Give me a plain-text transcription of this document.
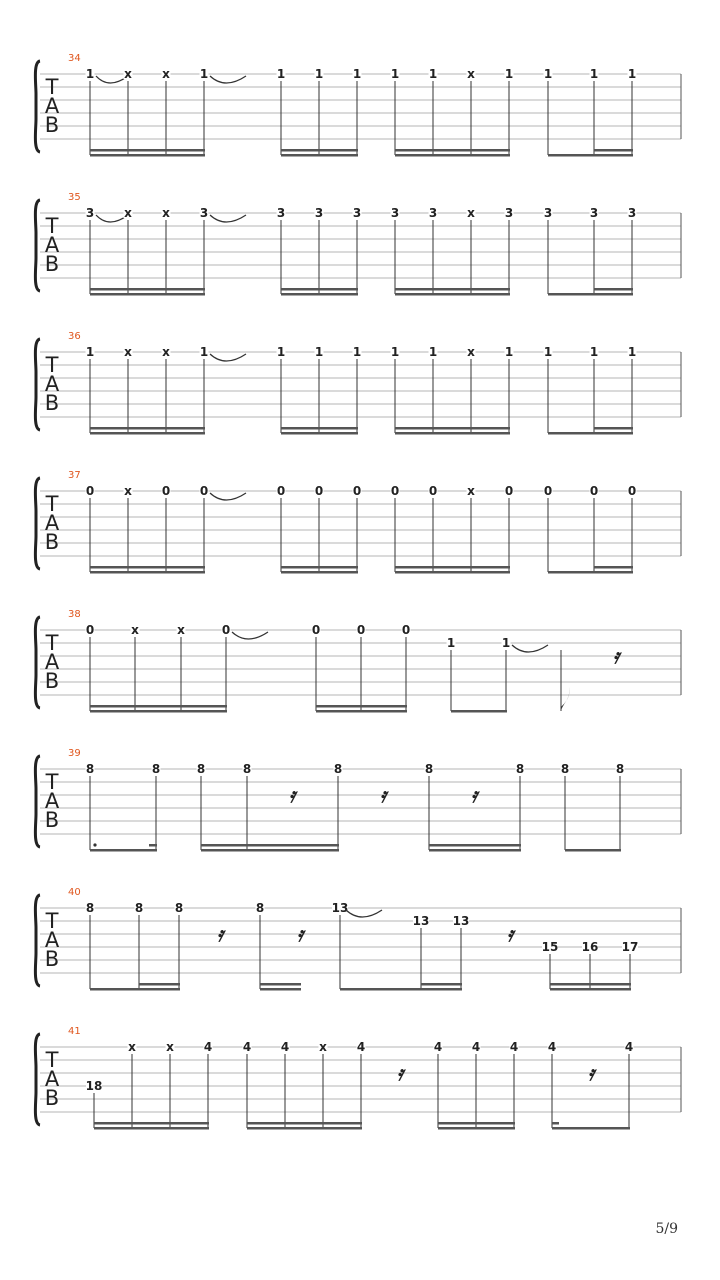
T
A
B
34
1 x	x 1	1 1 1 1 1 x 1	1	1 1
T
A
B
35
3 x	x 3	3 3 3 3 3 x 3	3	3 3
T
A
B
36
1 x	x 1	1 1 1 1 1 x 1	1	1 1
T
A
B
37
0 x 0 0	0 0 0 0 0 x 0	0	0 0
T
A
B
38
0	x	x	0	0	0	0
1	1
𝄿
T
A
B
39
8	8	8	8
𝄿
8
𝄿
8
𝄿
8	8	8
T
A
B
40
8	8	8
𝄿
8
𝄿
13
13 13
𝄿
15 16 17
T
A
B
41
18
x	x 4	4 4 x 4
𝄿
4 4 4 4
𝄿
4
5/9
